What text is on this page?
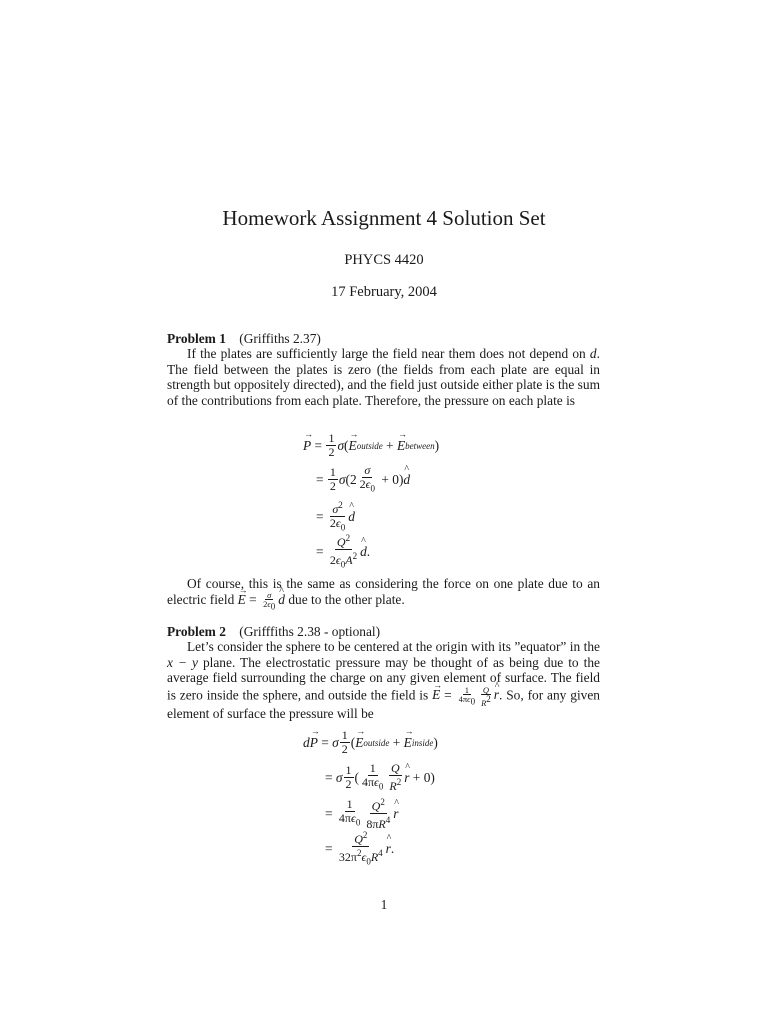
Homework Assignment 4 Solution Set
PHYCS 4420
17 February, 2004
Problem 1 (Griffiths 2.37)
If the plates are sufficiently large the field near them does not depend on d. The field between the plates is zero (the fields from each plate are equal in strength but oppositely directed), and the field just outside either plate is the sum of the contributions from each plate. Therefore, the pressure on each plate is
→ $P = \frac{1}{2}$ σ ( → E outside + → E between )
= $\frac{1}{2}$ σ $(2 \frac{\sigma}{2\epsilon_0} + 0)$ ^ d
= $\frac{\sigma^2}{2\epsilon_0}$ ^ d
= $\frac{Q^2}{2\epsilon_0A^2}$ ^ d .
Of course, this is the same as considering the force on one plate due to an electric field → $E = \frac{\sigma}{2\epsilon_0}$ ^ d due to the other plate.
Problem 2 (Grifffiths 2.38 - optional)
Let’s consider the sphere to be centered at the origin with its ”equator” in the x − y plane. The electrostatic pressure may be thought of as being due to the average field surrounding the charge on any given element of surface. The field is zero inside the sphere, and outside the field is → $E = \frac{1}{4\pi\epsilon_0} \frac{Q}{R^2}$ ^ r. So, for any given element of surface the pressure will be
d → P = σ $\frac{1}{2}$ ( → E outside + → E inside )
= σ $\frac{1}{2}$ ( $\frac{1}{4\pi\epsilon_0} \frac{Q}{R^2}$ ^ r + 0)
= $\frac{1}{4\pi\epsilon_0} \frac{Q^2}{8\pi R^4}$ ^ r
= $\frac{Q^2}{32\pi^2\epsilon_0R^4}$ ^ r .
1
